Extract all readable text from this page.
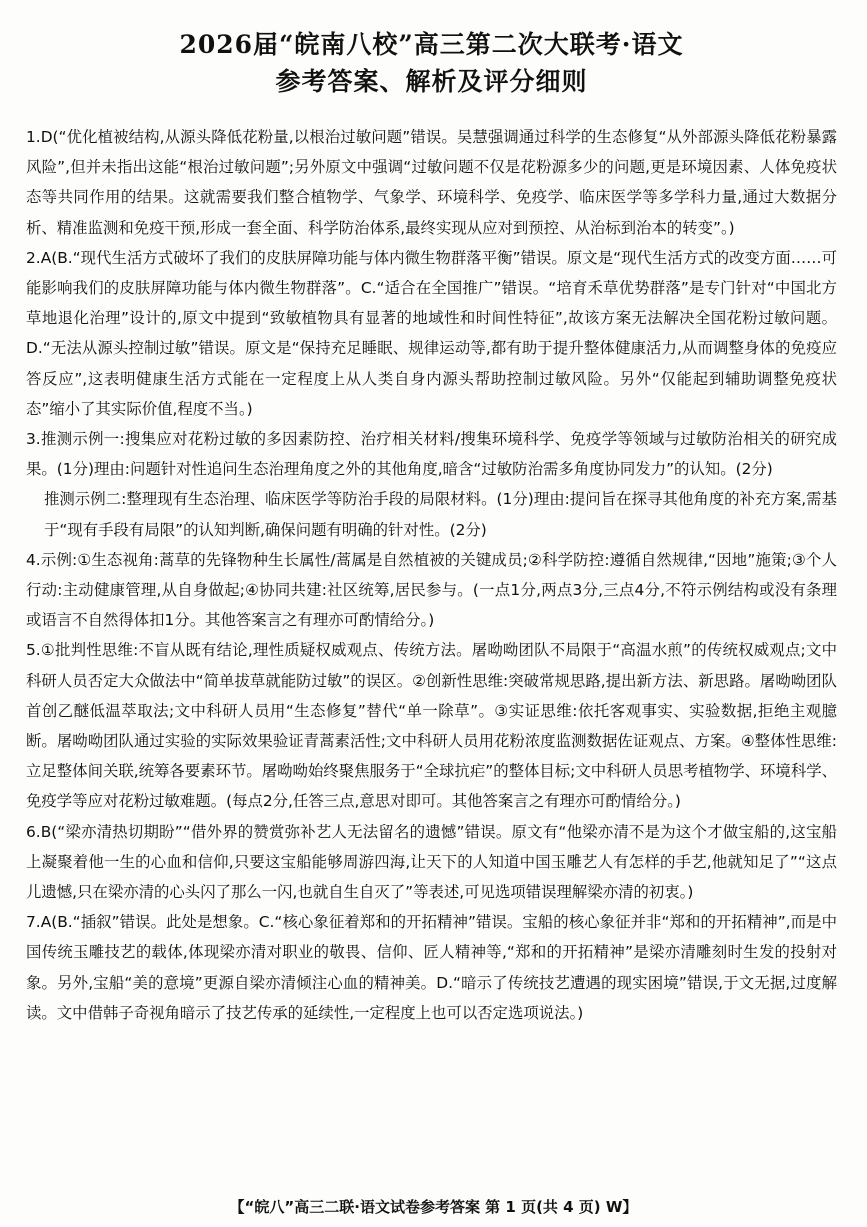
2026届“皖南八校”高三第二次大联考·语文
参考答案、解析及评分细则

1.D(“优化植被结构,从源头降低花粉量,以根治过敏问题”错误。吴慧强调通过科学的生态修复“从外部源头降低花粉暴露风险”,但并未指出这能“根治过敏问题”;另外原文中强调“过敏问题不仅是花粉源多少的问题,更是环境因素、人体免疫状态等共同作用的结果。这就需要我们整合植物学、气象学、环境科学、免疫学、临床医学等多学科力量,通过大数据分析、精准监测和免疫干预,形成一套全面、科学防治体系,最终实现从应对到预控、从治标到治本的转变”。)

2.A(B.“现代生活方式破坏了我们的皮肤屏障功能与体内微生物群落平衡”错误。原文是“现代生活方式的改变方面……可能影响我们的皮肤屏障功能与体内微生物群落”。C.“适合在全国推广”错误。“培育禾草优势群落”是专门针对“中国北方草地退化治理”设计的,原文中提到“致敏植物具有显著的地域性和时间性特征”,故该方案无法解决全国花粉过敏问题。D.“无法从源头控制过敏”错误。原文是“保持充足睡眠、规律运动等,都有助于提升整体健康活力,从而调整身体的免疫应答反应”,这表明健康生活方式能在一定程度上从人类自身内源头帮助控制过敏风险。另外“仅能起到辅助调整免疫状态”缩小了其实际价值,程度不当。)

3.推测示例一:搜集应对花粉过敏的多因素防控、治疗相关材料/搜集环境科学、免疫学等领域与过敏防治相关的研究成果。(1分)理由:问题针对性追问生态治理角度之外的其他角度,暗含“过敏防治需多角度协同发力”的认知。(2分)

推测示例二:整理现有生态治理、临床医学等防治手段的局限材料。(1分)理由:提问旨在探寻其他角度的补充方案,需基于“现有手段有局限”的认知判断,确保问题有明确的针对性。(2分)

4.示例:①生态视角:蒿草的先锋物种生长属性/蒿属是自然植被的关键成员;②科学防控:遵循自然规律,“因地”施策;③个人行动:主动健康管理,从自身做起;④协同共建:社区统筹,居民参与。(一点1分,两点3分,三点4分,不符示例结构或没有条理或语言不自然得体扣1分。其他答案言之有理亦可酌情给分。)

5.①批判性思维:不盲从既有结论,理性质疑权威观点、传统方法。屠呦呦团队不局限于“高温水煎”的传统权威观点;文中科研人员否定大众做法中“简单拔草就能防过敏”的误区。②创新性思维:突破常规思路,提出新方法、新思路。屠呦呦团队首创乙醚低温萃取法;文中科研人员用“生态修复”替代“单一除草”。③实证思维:依托客观事实、实验数据,拒绝主观臆断。屠呦呦团队通过实验的实际效果验证青蒿素活性;文中科研人员用花粉浓度监测数据佐证观点、方案。④整体性思维:立足整体间关联,统筹各要素环节。屠呦呦始终聚焦服务于“全球抗疟”的整体目标;文中科研人员思考植物学、环境科学、免疫学等应对花粉过敏难题。(每点2分,任答三点,意思对即可。其他答案言之有理亦可酌情给分。)

6.B(“梁亦清热切期盼”“借外界的赞赏弥补艺人无法留名的遗憾”错误。原文有“他梁亦清不是为这个才做宝船的,这宝船上凝聚着他一生的心血和信仰,只要这宝船能够周游四海,让天下的人知道中国玉雕艺人有怎样的手艺,他就知足了”“这点儿遗憾,只在梁亦清的心头闪了那么一闪,也就自生自灭了”等表述,可见选项错误理解梁亦清的初衷。)

7.A(B.“插叙”错误。此处是想象。C.“核心象征着郑和的开拓精神”错误。宝船的核心象征并非“郑和的开拓精神”,而是中国传统玉雕技艺的载体,体现梁亦清对职业的敬畏、信仰、匠人精神等,“郑和的开拓精神”是梁亦清雕刻时生发的投射对象。另外,宝船“美的意境”更源自梁亦清倾注心血的精神美。D.“暗示了传统技艺遭遇的现实困境”错误,于文无据,过度解读。文中借韩子奇视角暗示了技艺传承的延续性,一定程度上也可以否定选项说法。)

【“皖八”高三二联·语文试卷参考答案 第 1 页(共 4 页) W】
